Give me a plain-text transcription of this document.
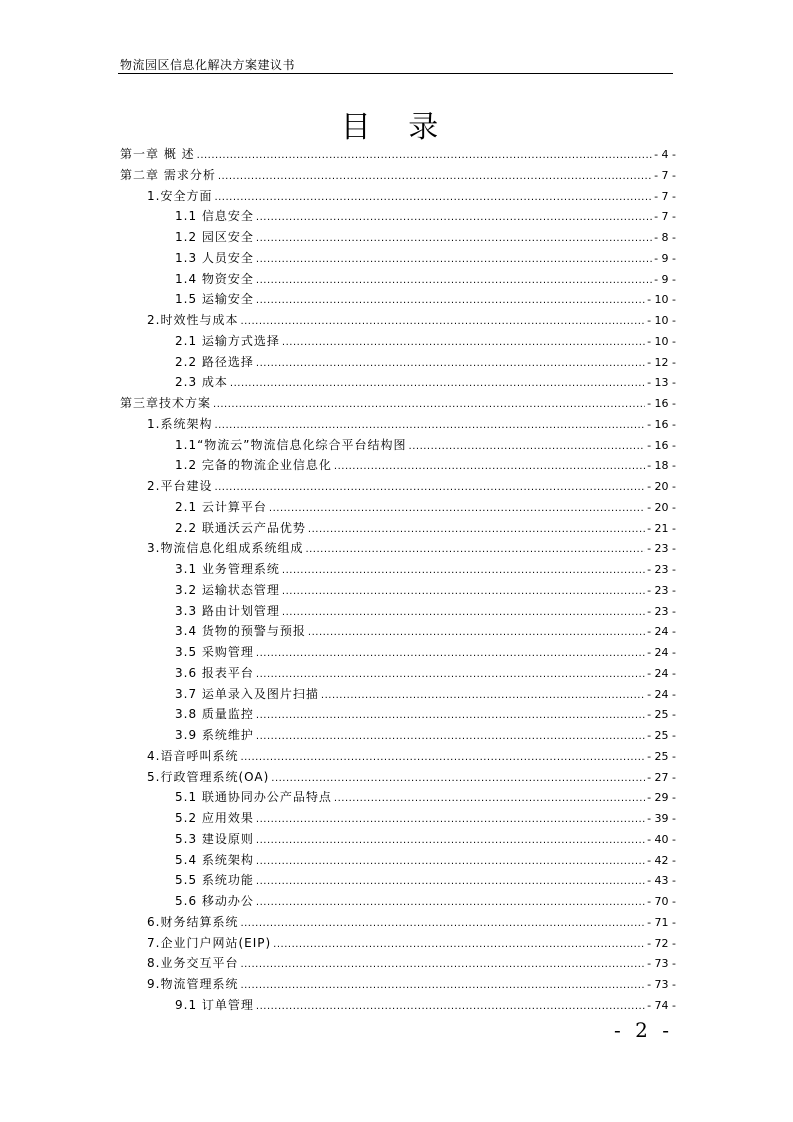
物流园区信息化解决方案建议书
目 录
第一章 概 述 .....	- 4 -
第二章 需求分析 .....	- 7 -
1.安全方面 .....	- 7 -
1.1 信息安全 .....	- 7 -
1.2 园区安全 .....	- 8 -
1.3 人员安全 .....	- 9 -
1.4 物资安全 .....	- 9 -
1.5 运输安全 .....	- 10 -
2.时效性与成本 .....	- 10 -
2.1 运输方式选择 .....	- 10 -
2.2 路径选择 .....	- 12 -
2.3 成本 .....	- 13 -
第三章技术方案 .....	- 16 -
1.系统架构 .....	- 16 -
1.1“物流云”物流信息化综合平台结构图 .....	- 16 -
1.2 完备的物流企业信息化 .....	- 18 -
2.平台建设 .....	- 20 -
2.1 云计算平台 .....	- 20 -
2.2 联通沃云产品优势 .....	- 21 -
3.物流信息化组成系统组成 .....	- 23 -
3.1 业务管理系统 .....	- 23 -
3.2 运输状态管理 .....	- 23 -
3.3 路由计划管理 .....	- 23 -
3.4 货物的预警与预报 .....	- 24 -
3.5 采购管理 .....	- 24 -
3.6 报表平台 .....	- 24 -
3.7 运单录入及图片扫描 .....	- 24 -
3.8 质量监控 .....	- 25 -
3.9 系统维护 .....	- 25 -
4.语音呼叫系统 .....	- 25 -
5.行政管理系统(OA) .....	- 27 -
5.1 联通协同办公产品特点 .....	- 29 -
5.2 应用效果 .....	- 39 -
5.3 建设原则 .....	- 40 -
5.4 系统架构 .....	- 42 -
5.5 系统功能 .....	- 43 -
5.6 移动办公 .....	- 70 -
6.财务结算系统 .....	- 71 -
7.企业门户网站(EIP) .....	- 72 -
8.业务交互平台 .....	- 73 -
9.物流管理系统 .....	- 73 -
9.1 订单管理 .....	- 74 -
- 2 -
